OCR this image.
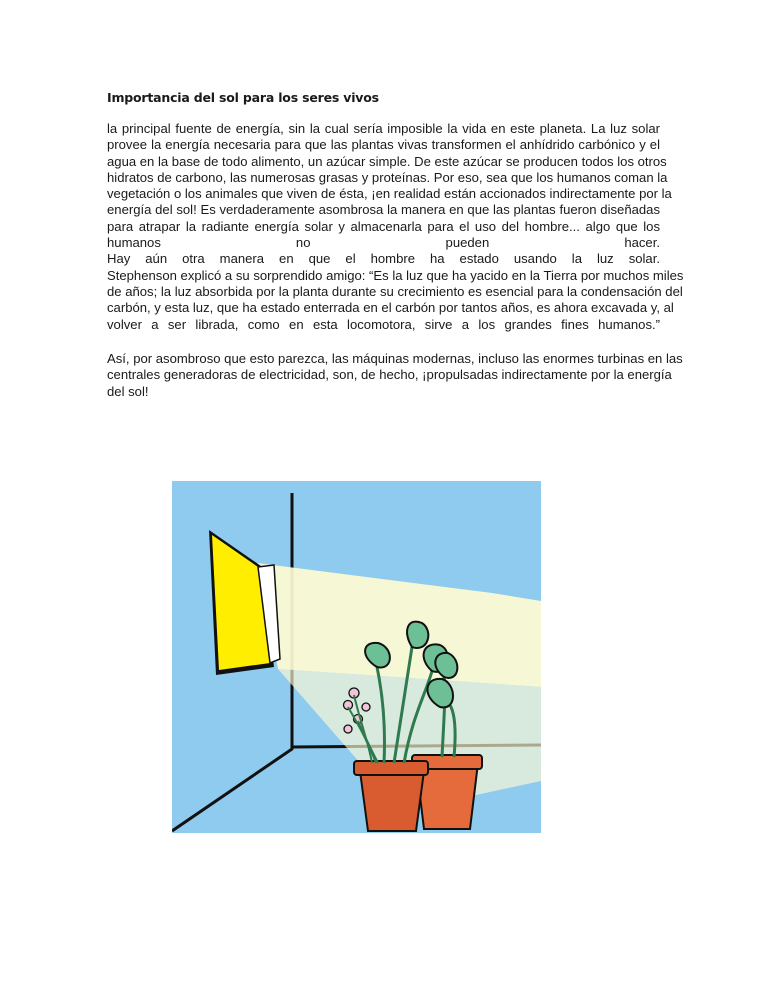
Importancia del sol para los seres vivos
la principal fuente de energía, sin la cual sería imposible la vida en este planeta. La luz solar
provee la energía necesaria para que las plantas vivas transformen el anhídrido carbónico y el
agua en la base de todo alimento, un azúcar simple. De este azúcar se producen todos los otros
hidratos de carbono, las numerosas grasas y proteínas. Por eso, sea que los humanos coman la
vegetación o los animales que viven de ésta, ¡en realidad están accionados indirectamente por la
energía del sol! Es verdaderamente asombrosa la manera en que las plantas fueron diseñadas
para atrapar la radiante energía solar y almacenarla para el uso del hombre... algo que los
humanos no pueden hacer.
Hay aún otra manera en que el hombre ha estado usando la luz solar.
Stephenson explicó a su sorprendido amigo: “Es la luz que ha yacido en la Tierra por muchos miles
de años; la luz absorbida por la planta durante su crecimiento es esencial para la condensación del
carbón, y esta luz, que ha estado enterrada en el carbón por tantos años, es ahora excavada y, al
volver a ser librada, como en esta locomotora, sirve a los grandes fines humanos.”
Así, por asombroso que esto parezca, las máquinas modernas, incluso las enormes turbinas en las
centrales generadoras de electricidad, son, de hecho, ¡propulsadas indirectamente por la energía
del sol!
